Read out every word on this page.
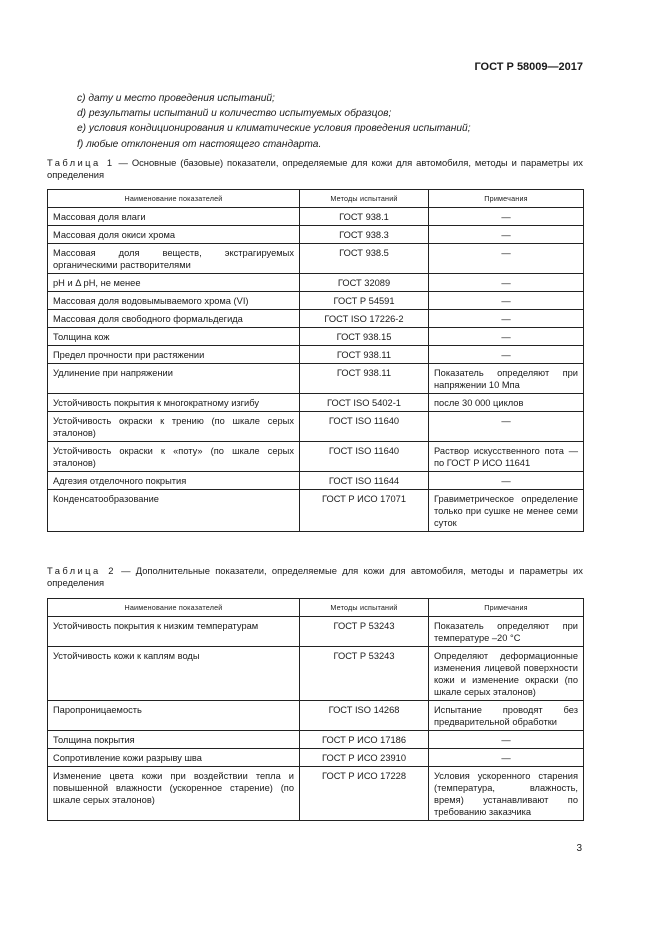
ГОСТ Р 58009—2017
c) дату и место проведения испытаний;
d) результаты испытаний и количество испытуемых образцов;
e) условия кондиционирования и климатические условия проведения испытаний;
f) любые отклонения от настоящего стандарта.
Таблица 1 — Основные (базовые) показатели, определяемые для кожи для автомобиля, методы и параметры их определения
Наименование показателей	Методы испытаний	Примечания
Массовая доля влаги	ГОСТ 938.1	—
Массовая доля окиси хрома	ГОСТ 938.3	—
Массовая доля веществ, экстрагируемых органическими растворителями	ГОСТ 938.5	—
pH и Δ pH, не менее	ГОСТ 32089	—
Массовая доля водовымываемого хрома (VI)	ГОСТ Р 54591	—
Массовая доля свободного формальдегида	ГОСТ ISO 17226-2	—
Толщина кож	ГОСТ 938.15	—
Предел прочности при растяжении	ГОСТ 938.11	—
Удлинение при напряжении	ГОСТ 938.11	Показатель определяют при напряжении 10 Мпа
Устойчивость покрытия к многократному изгибу	ГОСТ ISO 5402-1	после 30 000 циклов
Устойчивость окраски к трению (по шкале серых эталонов)	ГОСТ ISO 11640	—
Устойчивость окраски к «поту» (по шкале серых эталонов)	ГОСТ ISO 11640	Раствор искусственного пота — по ГОСТ Р ИСО 11641
Адгезия отделочного покрытия	ГОСТ ISO 11644	—
Конденсатообразование	ГОСТ Р ИСО 17071	Гравиметрическое определение только при сушке не менее семи суток
Таблица 2 — Дополнительные показатели, определяемые для кожи для автомобиля, методы и параметры их определения
Наименование показателей	Методы испытаний	Примечания
Устойчивость покрытия к низким температурам	ГОСТ Р 53243	Показатель определяют при температуре –20 °С
Устойчивость кожи к каплям воды	ГОСТ Р 53243	Определяют деформационные изменения лицевой поверхности кожи и изменение окраски (по шкале серых эталонов)
Паропроницаемость	ГОСТ ISO 14268	Испытание проводят без предварительной обработки
Толщина покрытия	ГОСТ Р ИСО 17186	—
Сопротивление кожи разрыву шва	ГОСТ Р ИСО 23910	—
Изменение цвета кожи при воздействии тепла и повышенной влажности (ускоренное старение) (по шкале серых эталонов)	ГОСТ Р ИСО 17228	Условия ускоренного старения (температура, влажность, время) устанавливают по требованию заказчика
3
